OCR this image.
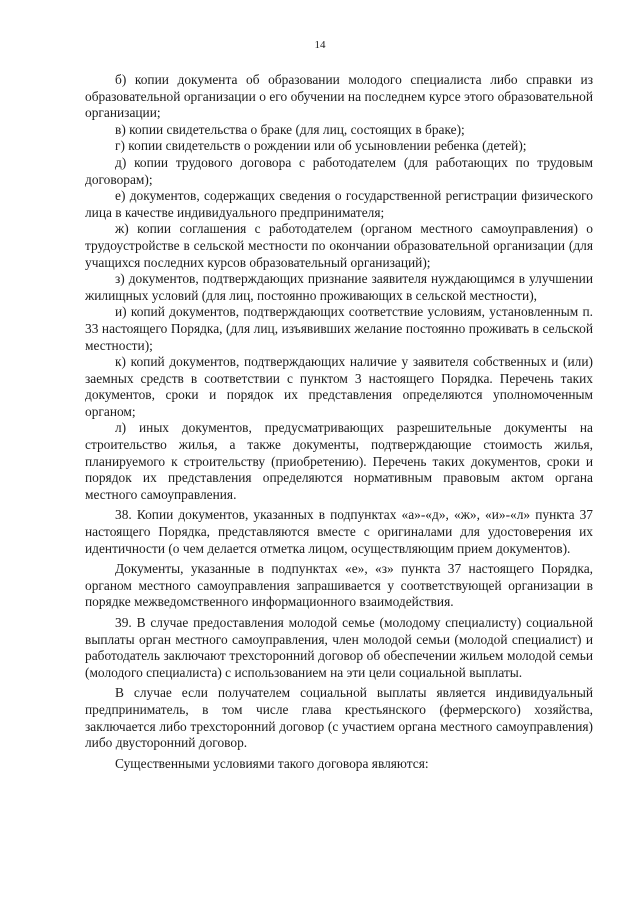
14

б) копии документа об образовании молодого специалиста либо справки из образовательной организации о его обучении на последнем курсе этого образовательной организации;

в) копии свидетельства о браке (для лиц, состоящих в браке);

г) копии свидетельств о рождении или об усыновлении ребенка (детей);

д) копии трудового договора с работодателем (для работающих по трудовым договорам);

е) документов, содержащих сведения о государственной регистрации физического лица в качестве индивидуального предпринимателя;

ж) копии соглашения с работодателем (органом местного самоуправления) о трудоустройстве в сельской местности по окончании образовательной организации (для учащихся последних курсов образовательный организаций);

з) документов, подтверждающих признание заявителя нуждающимся в улучшении жилищных условий (для лиц, постоянно проживающих в сельской местности),

и) копий документов, подтверждающих соответствие условиям, установленным п. 33 настоящего Порядка, (для лиц, изъявивших желание постоянно проживать в сельской местности);

к) копий документов, подтверждающих наличие у заявителя собственных и (или) заемных средств в соответствии с пунктом 3 настоящего Порядка. Перечень таких документов, сроки и порядок их представления определяются уполномоченным органом;

л) иных документов, предусматривающих разрешительные документы на строительство жилья, а также документы, подтверждающие стоимость жилья, планируемого к строительству (приобретению). Перечень таких документов, сроки и порядок их представления определяются нормативным правовым актом органа местного самоуправления.

38. Копии документов, указанных в подпунктах «а»-«д», «ж», «и»-«л» пункта 37 настоящего Порядка, представляются вместе с оригиналами для удостоверения их идентичности (о чем делается отметка лицом, осуществляющим прием документов).

Документы, указанные в подпунктах «е», «з» пункта 37 настоящего Порядка, органом местного самоуправления запрашивается у соответствующей организации в порядке межведомственного информационного взаимодействия.

39. В случае предоставления молодой семье (молодому специалисту) социальной выплаты орган местного самоуправления, член молодой семьи (молодой специалист) и работодатель заключают трехсторонний договор об обеспечении жильем молодой семьи (молодого специалиста) с использованием на эти цели социальной выплаты.

В случае если получателем социальной выплаты является индивидуальный предприниматель, в том числе глава крестьянского (фермерского) хозяйства, заключается либо трехсторонний договор (с участием органа местного самоуправления) либо двусторонний договор.

Существенными условиями такого договора являются:
